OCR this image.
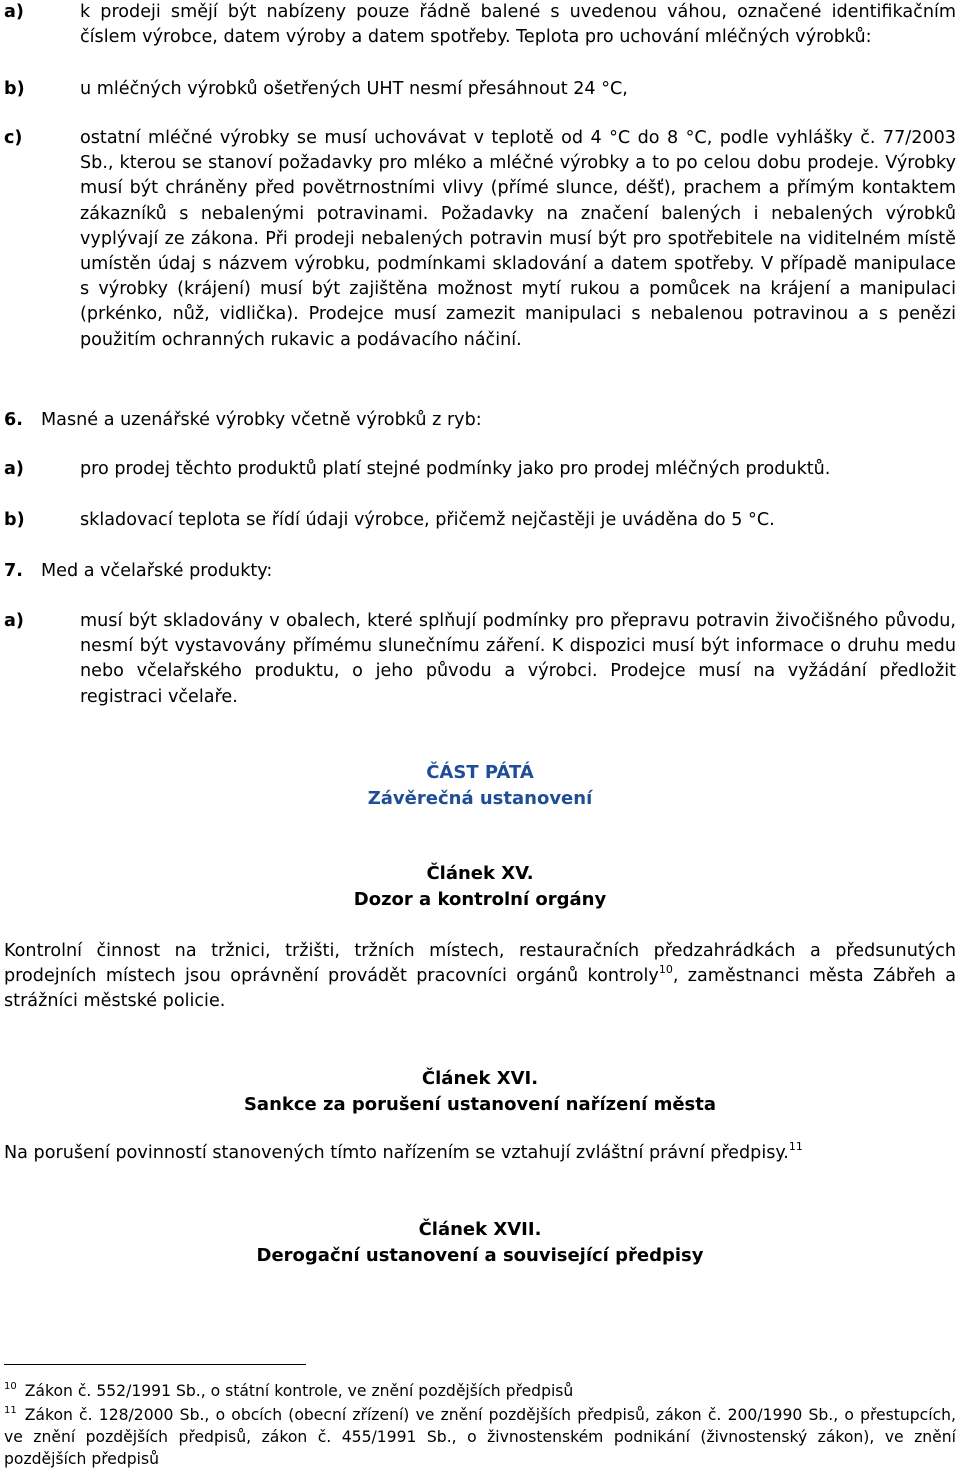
a)	k prodeji smějí být nabízeny pouze řádně balené s uvedenou váhou, označené identifikačním číslem výrobce, datem výroby a datem spotřeby. Teplota pro uchování mléčných výrobků:
b)	u mléčných výrobků ošetřených UHT nesmí přesáhnout 24 °C,
c)	ostatní mléčné výrobky se musí uchovávat v teplotě od 4 °C do 8 °C, podle vyhlášky č. 77/2003 Sb., kterou se stanoví požadavky pro mléko a mléčné výrobky a to po celou dobu prodeje. Výrobky musí být chráněny před povětrnostními vlivy (přímé slunce, déšť), prachem a přímým kontaktem zákazníků s nebalenými potravinami. Požadavky na značení balených i nebalených výrobků vyplývají ze zákona. Při prodeji nebalených potravin musí být pro spotřebitele na viditelném místě umístěn údaj s názvem výrobku, podmínkami skladování a datem spotřeby. V případě manipulace s výrobky (krájení) musí být zajištěna možnost mytí rukou a pomůcek na krájení a manipulaci (prkénko, nůž, vidlička). Prodejce musí zamezit manipulaci s nebalenou potravinou a s penězi použitím ochranných rukavic a podávacího náčiní.
6. Masné a uzenářské výrobky včetně výrobků z ryb:
a)	pro prodej těchto produktů platí stejné podmínky jako pro prodej mléčných produktů.
b)	skladovací teplota se řídí údaji výrobce, přičemž nejčastěji je uváděna do 5 °C.
7. Med a včelařské produkty:
a)	musí být skladovány v obalech, které splňují podmínky pro přepravu potravin živočišného původu, nesmí být vystavovány přímému slunečnímu záření. K dispozici musí být informace o druhu medu nebo včelařského produktu, o jeho původu a výrobci. Prodejce musí na vyžádání předložit registraci včelaře.
ČÁST PÁTÁ
Závěrečná ustanovení
Článek XV.
Dozor a kontrolní orgány
Kontrolní činnost na tržnici, tržišti, tržních místech, restauračních předzahrádkách a předsunutých prodejních místech jsou oprávnění provádět pracovníci orgánů kontroly$^{10}$, zaměstnanci města Zábřeh a strážníci městské policie.
Článek XVI.
Sankce za porušení ustanovení nařízení města
Na porušení povinností stanovených tímto nařízením se vztahují zvláštní právní předpisy.$^{11}$
Článek XVII.
Derogační ustanovení a související předpisy
$^{10}$ Zákon č. 552/1991 Sb., o státní kontrole, ve znění pozdějších předpisů
$^{11}$ Zákon č. 128/2000 Sb., o obcích (obecní zřízení) ve znění pozdějších předpisů, zákon č. 200/1990 Sb., o přestupcích, ve znění pozdějších předpisů, zákon č. 455/1991 Sb., o živnostenském podnikání (živnostenský zákon), ve znění pozdějších předpisů
